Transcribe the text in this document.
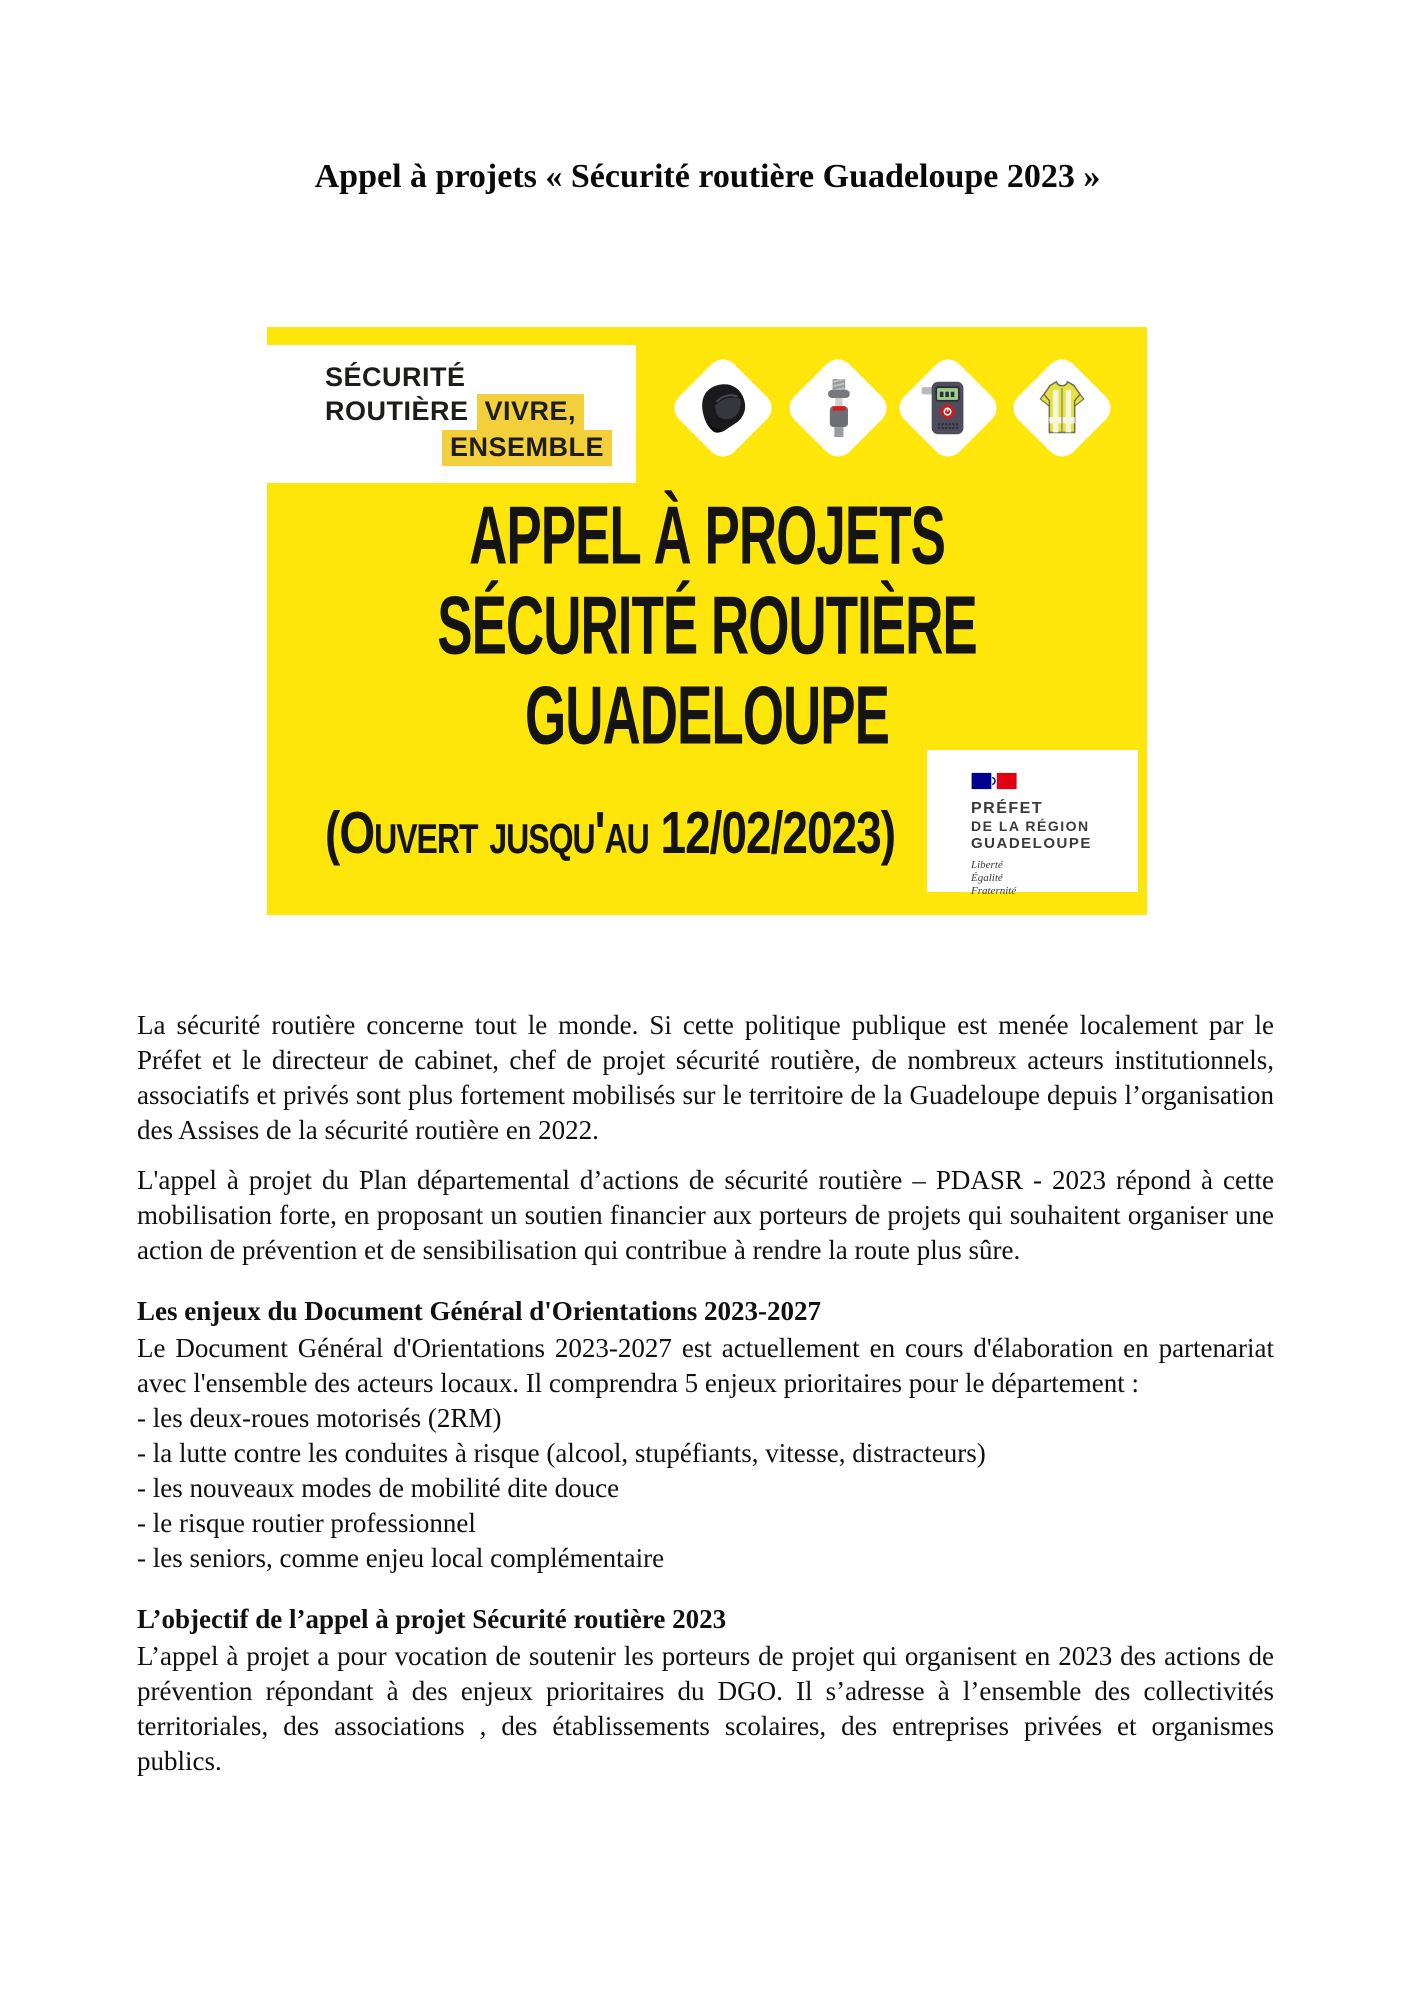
Appel à projets « Sécurité routière Guadeloupe 2023 »
SÉCURITÉ
ROUTIÈRE VIVRE,
ENSEMBLE
APPEL À PROJETS
SÉCURITÉ ROUTIÈRE
GUADELOUPE
(Ouvert jusqu'au 12/02/2023)	PRÉFET
DE LA RÉGION
GUADELOUPE
Liberté
Égalité
Fraternité

La sécurité routière concerne tout le monde. Si cette politique publique est menée localement par le Préfet et le directeur de cabinet, chef de projet sécurité routière, de nombreux acteurs institutionnels, associatifs et privés sont plus fortement mobilisés sur le territoire de la Guadeloupe depuis l’organisation des Assises de la sécurité routière en 2022.

L'appel à projet du Plan départemental d’actions de sécurité routière – PDASR - 2023 répond à cette mobilisation forte, en proposant un soutien financier aux porteurs de projets qui souhaitent organiser une action de prévention et de sensibilisation qui contribue à rendre la route plus sûre.

Les enjeux du Document Général d'Orientations 2023-2027

Le Document Général d'Orientations 2023-2027 est actuellement en cours d'élaboration en partenariat avec l'ensemble des acteurs locaux. Il comprendra 5 enjeux prioritaires pour le département :

- les deux-roues motorisés (2RM)
- la lutte contre les conduites à risque (alcool, stupéfiants, vitesse, distracteurs)
- les nouveaux modes de mobilité dite douce
- le risque routier professionnel
- les seniors, comme enjeu local complémentaire
L’objectif de l’appel à projet Sécurité routière 2023

L’appel à projet a pour vocation de soutenir les porteurs de projet qui organisent en 2023 des actions de prévention répondant à des enjeux prioritaires du DGO. Il s’adresse à l’ensemble des collectivités territoriales, des associations , des établissements scolaires, des entreprises privées et organismes publics.
